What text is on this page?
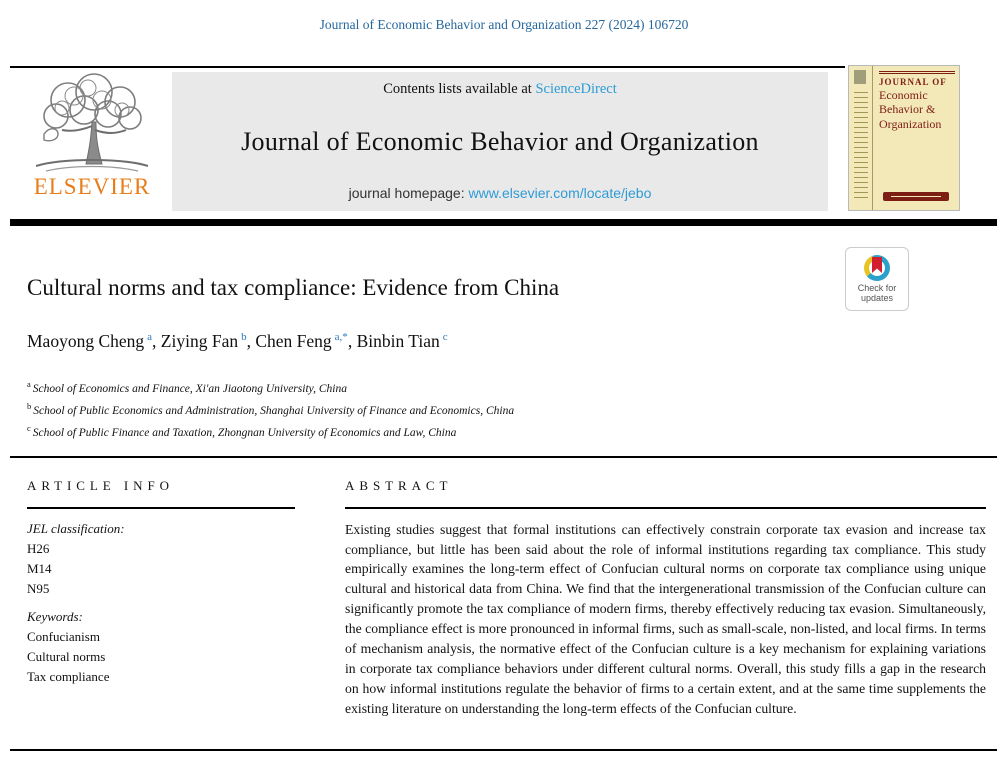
Journal of Economic Behavior and Organization 227 (2024) 106720
ELSEVIER
Contents lists available at ScienceDirect
Journal of Economic Behavior and Organization
journal homepage: www.elsevier.com/locate/jebo
JOURNAL OF
Economic
Behavior &
Organization
Cultural norms and tax compliance: Evidence from China
Maoyong Cheng $^a$, Ziying Fan $^b$, Chen Feng $^{a,*}$, Binbin Tian $^c$
$^a$ School of Economics and Finance, Xi'an Jiaotong University, China
$^b$ School of Public Economics and Administration, Shanghai University of Finance and Economics, China
$^c$ School of Public Finance and Taxation, Zhongnan University of Economics and Law, China
Check for
updates
ARTICLE INFO
JEL classification:
H26
M14
N95
Keywords:
Confucianism
Cultural norms
Tax compliance
ABSTRACT
Existing studies suggest that formal institutions can effectively constrain corporate tax evasion and increase tax compliance, but little has been said about the role of informal institutions regarding tax compliance. This study empirically examines the long-term effect of Confucian cultural norms on corporate tax compliance using unique cultural and historical data from China. We find that the intergenerational transmission of the Confucian culture can significantly promote the tax compliance of modern firms, thereby effectively reducing tax evasion. Simultaneously, the compliance effect is more pronounced in informal firms, such as small-scale, non-listed, and local firms. In terms of mechanism analysis, the normative effect of the Confucian culture is a key mechanism for explaining variations in corporate tax compliance behaviors under different cultural norms. Overall, this study fills a gap in the research on how informal institutions regulate the behavior of firms to a certain extent, and at the same time supplements the existing literature on understanding the long-term effects of the Confucian culture.
